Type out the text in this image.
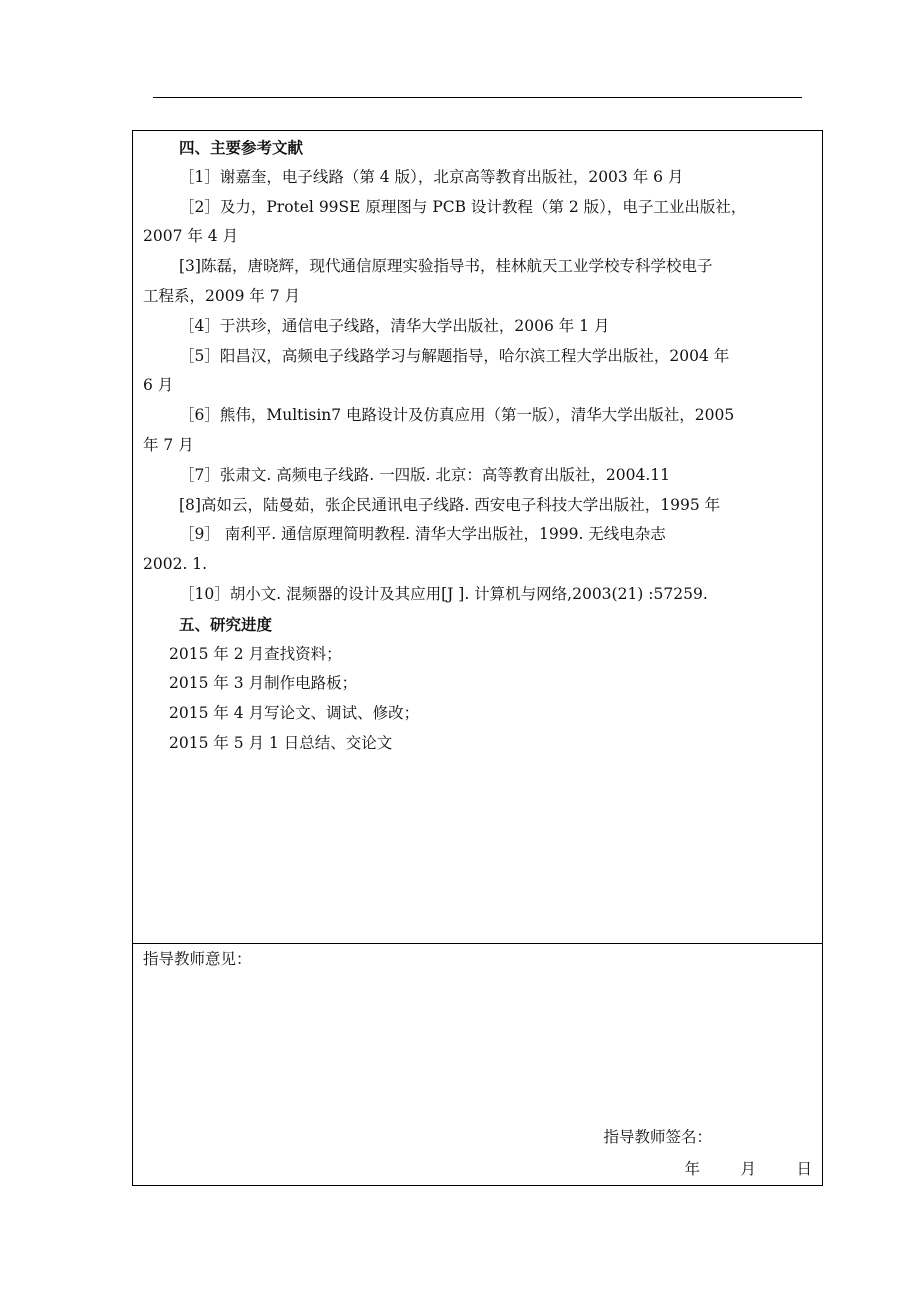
四、主要参考文献
［1］谢嘉奎，电子线路（第 4 版），北京高等教育出版社，2003 年 6 月
［2］及力，Protel 99SE 原理图与 PCB 设计教程（第 2 版），电子工业出版社，
2007 年 4 月
[3]陈磊，唐晓辉，现代通信原理实验指导书，桂林航天工业学校专科学校电子
工程系，2009 年 7 月
［4］于洪珍，通信电子线路，清华大学出版社，2006 年 1 月
［5］阳昌汉，高频电子线路学习与解题指导，哈尔滨工程大学出版社，2004 年
6 月
［6］熊伟，Multisin7 电路设计及仿真应用（第一版），清华大学出版社，2005
年 7 月
［7］张肃文. 高频电子线路. 一四版. 北京：高等教育出版社，2004.11
[8]高如云，陆曼茹，张企民通讯电子线路. 西安电子科技大学出版社，1995 年
［9］ 南利平. 通信原理简明教程. 清华大学出版社，1999. 无线电杂志
2002. 1.
［10］胡小文. 混频器的设计及其应用[J ]. 计算机与网络,2003(21) :57259.
五、研究进度
2015 年 2 月查找资料；
2015 年 3 月制作电路板；
2015 年 4 月写论文、调试、修改；
2015 年 5 月 1 日总结、交论文
指导教师意见：
指导教师签名：
年	月	日
